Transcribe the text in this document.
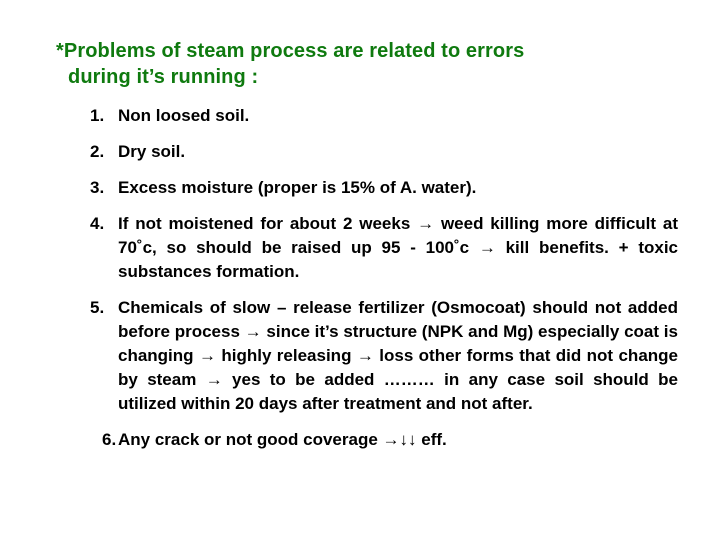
*Problems of steam process are related to errors
during it’s running :
1. Non loosed soil.
2. Dry soil.
3. Excess moisture (proper is 15% of A. water).
4. If not moistened for about 2 weeks → weed killing more difficult at 70˚c, so should be raised up 95 - 100˚c → kill benefits. + toxic substances formation.
5. Chemicals of slow – release fertilizer (Osmocoat) should not added before process → since it’s structure (NPK and Mg) especially coat is changing → highly releasing → loss other forms that did not change by steam → yes to be added ……… in any case soil should be utilized within 20 days after treatment and not after.
6. Any crack or not good coverage →↓↓ eff.
